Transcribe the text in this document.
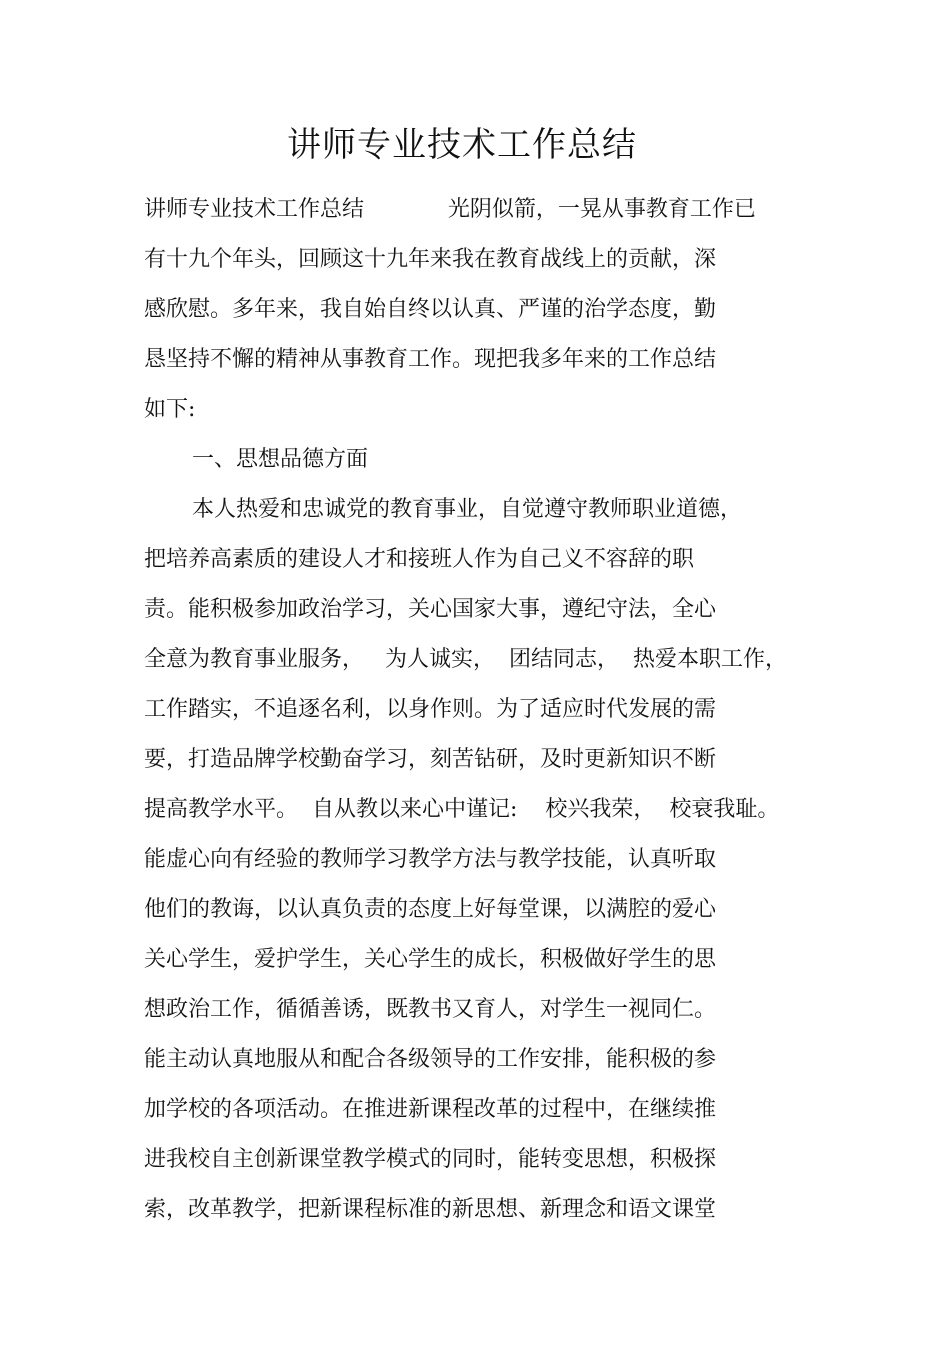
讲师专业技术工作总结
讲师专业技术工作总结            光阴似箭，一晃从事教育工作已
有十九个年头，回顾这十九年来我在教育战线上的贡献，深
感欣慰。多年来，我自始自终以认真、严谨的治学态度，勤
恳坚持不懈的精神从事教育工作。现把我多年来的工作总结
如下:
一、思想品德方面
本人热爱和忠诚党的教育事业，自觉遵守教师职业道德，
把培养高素质的建设人才和接班人作为自己义不容辞的职
责。能积极参加政治学习，关心国家大事，遵纪守法，全心
全意为教育事业服务，   为人诚实，  团结同志，  热爱本职工作，
工作踏实，不追逐名利，以身作则。为了适应时代发展的需
要，打造品牌学校勤奋学习，刻苦钻研，及时更新知识不断
提高教学水平。  自从教以来心中谨记:    校兴我荣，  校衰我耻。
能虚心向有经验的教师学习教学方法与教学技能，认真听取
他们的教诲，以认真负责的态度上好每堂课，以满腔的爱心
关心学生，爱护学生，关心学生的成长，积极做好学生的思
想政治工作，循循善诱，既教书又育人，对学生一视同仁。
能主动认真地服从和配合各级领导的工作安排，能积极的参
加学校的各项活动。在推进新课程改革的过程中，在继续推
进我校自主创新课堂教学模式的同时，能转变思想，积极探
索，改革教学，把新课程标准的新思想、新理念和语文课堂
